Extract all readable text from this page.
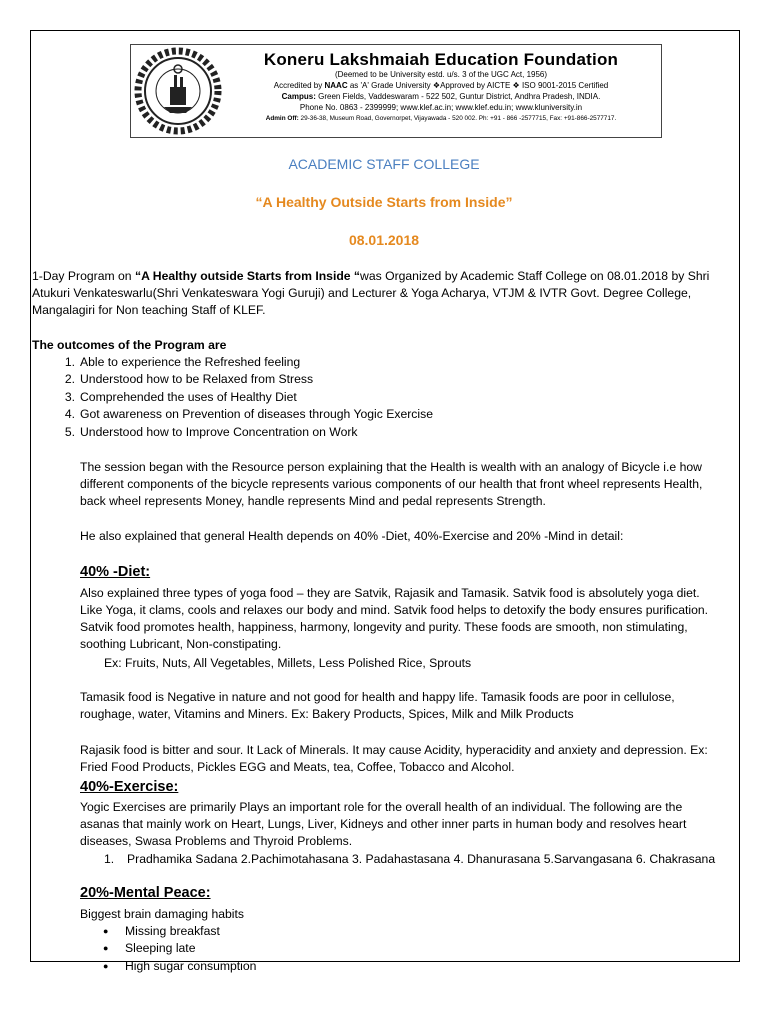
Koneru Lakshmaiah Education Foundation
(Deemed to be University estd. u/s. 3 of the UGC Act, 1956)
Accredited by NAAC as 'A' Grade University ❖Approved by AICTE ❖ ISO 9001-2015 Certified
Campus: Green Fields, Vaddeswaram - 522 502, Guntur District, Andhra Pradesh, INDIA.
Phone No. 0863 - 2399999; www.klef.ac.in; www.klef.edu.in; www.kluniversity.in
Admin Off: 29-36-38, Museum Road, Governorpet, Vijayawada - 520 002. Ph: +91 - 866 -2577715, Fax: +91-866-2577717.
ACADEMIC STAFF COLLEGE
“A Healthy Outside Starts from Inside”
08.01.2018
1-Day Program on “A Healthy outside Starts from Inside “was Organized by Academic Staff College on 08.01.2018 by Shri
Atukuri Venkateswarlu(Shri Venkateswara Yogi Guruji) and Lecturer & Yoga Acharya, VTJM & IVTR Govt. Degree College,
Mangalagiri for Non teaching Staff of KLEF.
The outcomes of the Program are
1. Able to experience the Refreshed feeling
2. Understood how to be Relaxed from Stress
3. Comprehended the uses of Healthy Diet
4. Got awareness on Prevention of diseases through Yogic Exercise
5. Understood how to Improve Concentration on Work
The session began with the Resource person explaining that the Health is wealth with an analogy of Bicycle i.e how
different components of the bicycle represents various components of our health that front wheel represents Health,
back wheel represents Money, handle represents Mind and pedal represents Strength.
He also explained that general Health depends on 40% -Diet, 40%-Exercise and 20% -Mind in detail:
40% -Diet:
Also explained three types of yoga food – they are Satvik, Rajasik and Tamasik. Satvik food is absolutely yoga diet.
Like Yoga, it clams, cools and relaxes our body and mind. Satvik food helps to detoxify the body ensures purification.
Satvik food promotes health, happiness, harmony, longevity and purity. These foods are smooth, non stimulating,
soothing Lubricant, Non-constipating.
Ex: Fruits, Nuts, All Vegetables, Millets, Less Polished Rice, Sprouts
Tamasik food is Negative in nature and not good for health and happy life. Tamasik foods are poor in cellulose,
roughage, water, Vitamins and Miners. Ex: Bakery Products, Spices, Milk and Milk Products
Rajasik food is bitter and sour. It Lack of Minerals. It may cause Acidity, hyperacidity and anxiety and depression. Ex:
Fried Food Products, Pickles EGG and Meats, tea, Coffee, Tobacco and Alcohol.
40%-Exercise:
Yogic Exercises are primarily Plays an important role for the overall health of an individual. The following are the
asanas that mainly work on Heart, Lungs, Liver, Kidneys and other inner parts in human body and resolves heart
diseases, Swasa Problems and Thyroid Problems.
1. Pradhamika Sadana 2.Pachimotahasana 3. Padahastasana 4. Dhanurasana 5.Sarvangasana 6. Chakrasana
20%-Mental Peace:
Biggest brain damaging habits
● Missing breakfast
● Sleeping late
● High sugar consumption
